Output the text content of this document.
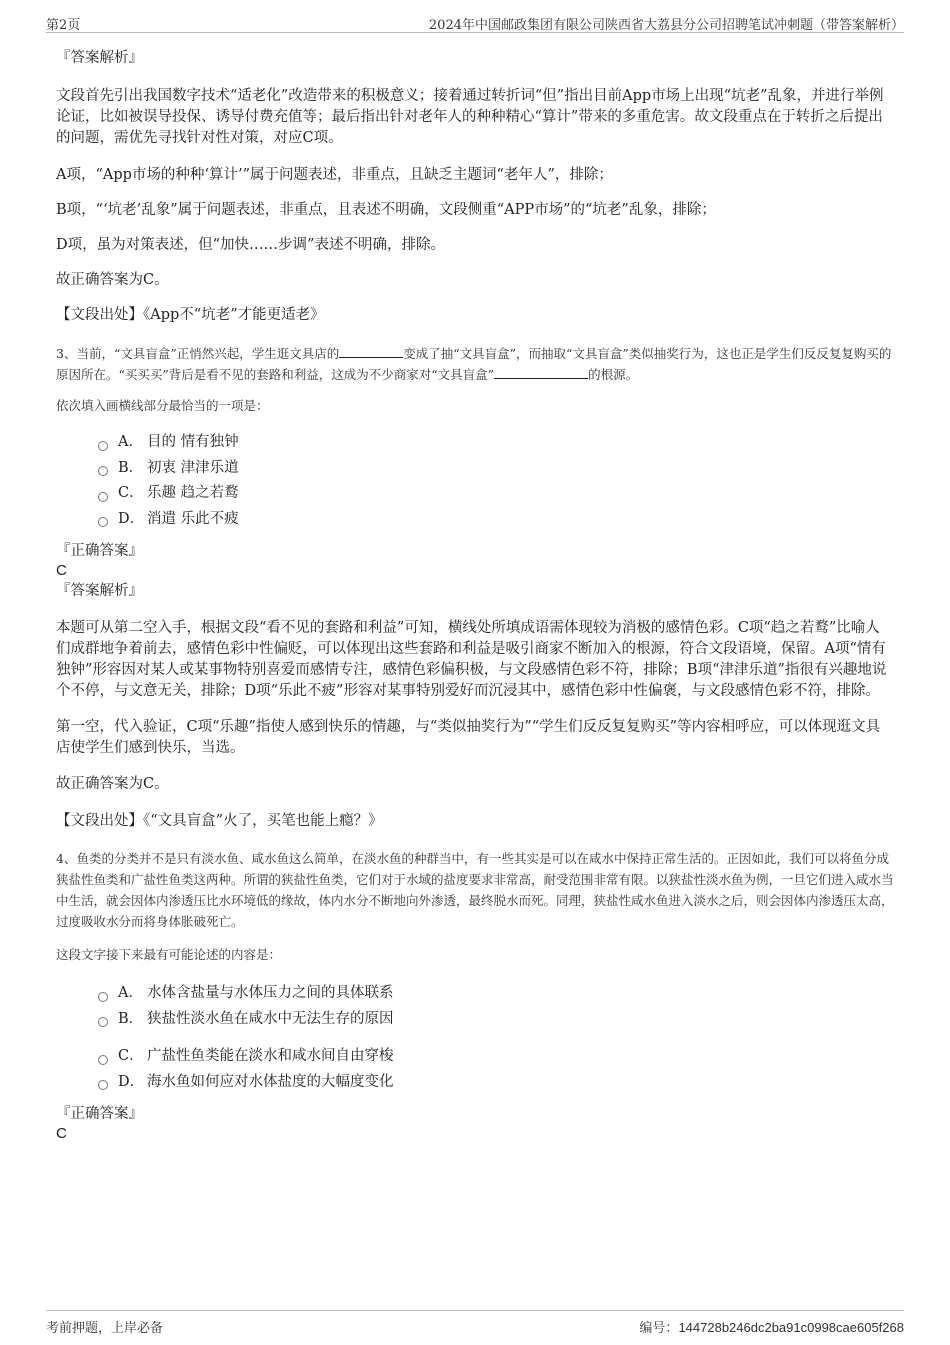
第2页	2024年中国邮政集团有限公司陕西省大荔县分公司招聘笔试冲刺题（带答案解析）

『答案解析』

文段首先引出我国数字技术“适老化”改造带来的积极意义；接着通过转折词“但”指出目前App市场上出现“坑老”乱象，并进行举例论证，比如被误导投保、诱导付费充值等；最后指出针对老年人的种种精心“算计”带来的多重危害。故文段重点在于转折之后提出的问题，需优先寻找针对性对策，对应C项。

A项，“App市场的种种‘算计’”属于问题表述，非重点，且缺乏主题词“老年人”，排除；

B项，“‘坑老’乱象”属于问题表述，非重点，且表述不明确，文段侧重“APP市场”的“坑老”乱象，排除；

D项，虽为对策表述，但“加快……步调”表述不明确，排除。

故正确答案为C。

【文段出处】《App不“坑老”才能更适老》

3、当前，“文具盲盒”正悄然兴起，学生逛文具店的	变成了抽“文具盲盒”，而抽取“文具盲盒”类似抽奖行为，这也正是学生们反反复复购买的原因所在。“买买买”背后是看不见的套路和利益，这成为不少商家对“文具盲盒”	的根源。

依次填入画横线部分最恰当的一项是：

A． 目的 情有独钟
B． 初衷 津津乐道
C． 乐趣 趋之若鹜
D． 消遣 乐此不疲

『正确答案』

C

『答案解析』

本题可从第二空入手，根据文段“看不见的套路和利益”可知，横线处所填成语需体现较为消极的感情色彩。C项“趋之若鹜”比喻人们成群地争着前去，感情色彩中性偏贬，可以体现出这些套路和利益是吸引商家不断加入的根源，符合文段语境，保留。A项“情有独钟”形容因对某人或某事物特别喜爱而感情专注，感情色彩偏积极，与文段感情色彩不符，排除；B项“津津乐道”指很有兴趣地说个不停，与文意无关，排除；D项“乐此不疲”形容对某事特别爱好而沉浸其中，感情色彩中性偏褒，与文段感情色彩不符，排除。

第一空，代入验证，C项“乐趣”指使人感到快乐的情趣，与“类似抽奖行为”“学生们反反复复购买”等内容相呼应，可以体现逛文具店使学生们感到快乐，当选。

故正确答案为C。

【文段出处】《“文具盲盒”火了，买笔也能上瘾？》

4、鱼类的分类并不是只有淡水鱼、咸水鱼这么简单，在淡水鱼的种群当中，有一些其实是可以在咸水中保持正常生活的。正因如此，我们可以将鱼分成狭盐性鱼类和广盐性鱼类这两种。所谓的狭盐性鱼类，它们对于水域的盐度要求非常高，耐受范围非常有限。以狭盐性淡水鱼为例，一旦它们进入咸水当中生活，就会因体内渗透压比水环境低的缘故，体内水分不断地向外渗透，最终脱水而死。同理，狭盐性咸水鱼进入淡水之后，则会因体内渗透压太高，过度吸收水分而将身体胀破死亡。

这段文字接下来最有可能论述的内容是：

A． 水体含盐量与水体压力之间的具体联系
B． 狭盐性淡水鱼在咸水中无法生存的原因
C． 广盐性鱼类能在淡水和咸水间自由穿梭
D． 海水鱼如何应对水体盐度的大幅度变化

『正确答案』

C

考前押题，上岸必备	编号：144728b246dc2ba91c0998cae605f268
